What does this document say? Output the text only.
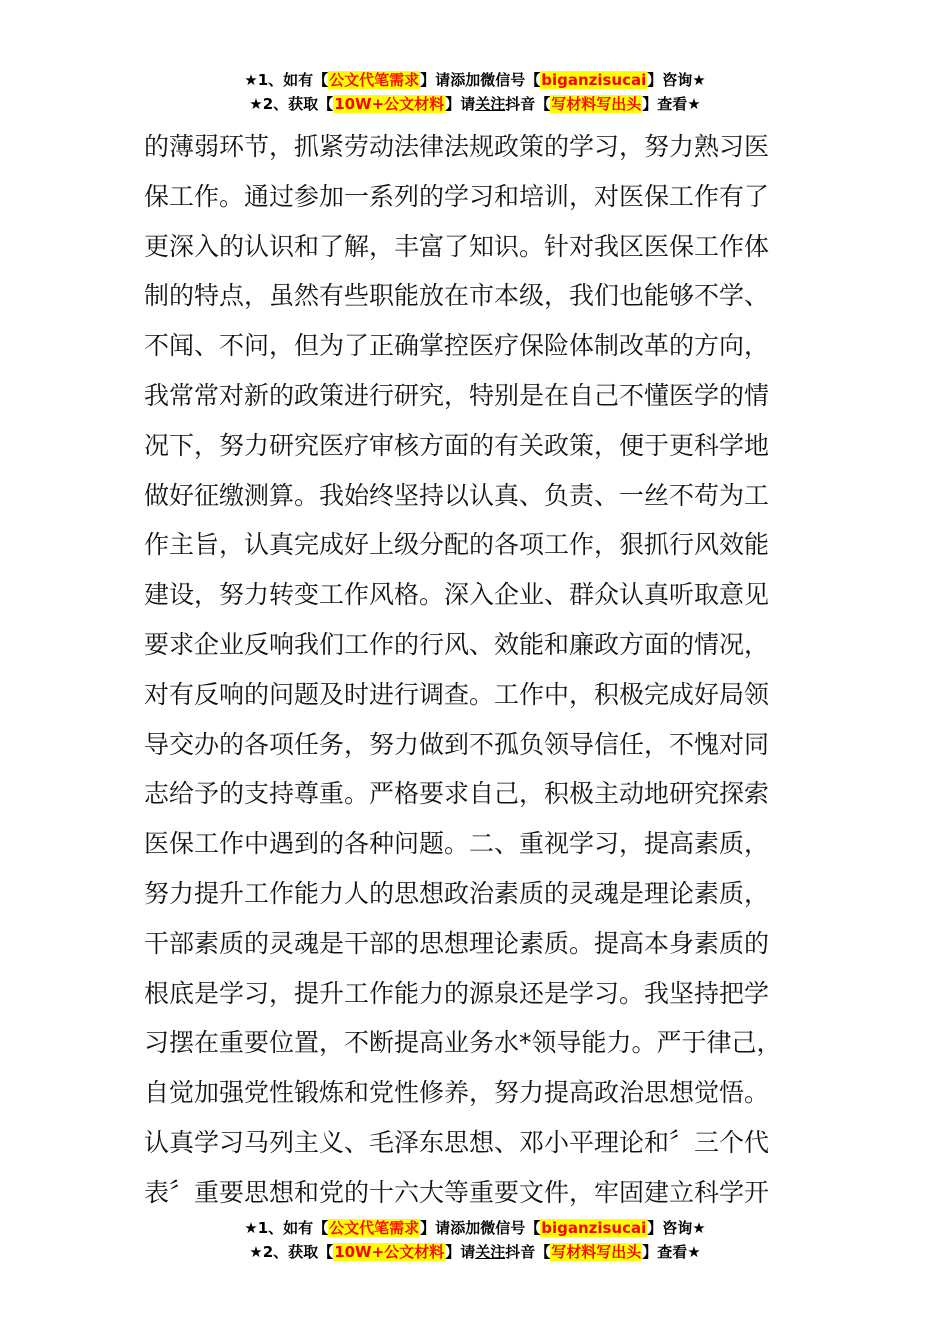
★1、如有【公文代笔需求】请添加微信号【biganzisucai】咨询★
★2、获取【10W+公文材料】请关注抖音【写材料写出头】查看★
的薄弱环节，抓紧劳动法律法规政策的学习，努力熟习医
保工作。通过参加一系列的学习和培训，对医保工作有了
更深入的认识和了解，丰富了知识。针对我区医保工作体
制的特点，虽然有些职能放在市本级，我们也能够不学、
不闻、不问，但为了正确掌控医疗保险体制改革的方向，
我常常对新的政策进行研究，特别是在自己不懂医学的情
况下，努力研究医疗审核方面的有关政策，便于更科学地
做好征缴测算。我始终坚持以认真、负责、一丝不苟为工
作主旨，认真完成好上级分配的各项工作，狠抓行风效能
建设，努力转变工作风格。深入企业、群众认真听取意见
要求企业反响我们工作的行风、效能和廉政方面的情况，
对有反响的问题及时进行调查。工作中，积极完成好局领
导交办的各项任务，努力做到不孤负领导信任，不愧对同
志给予的支持尊重。严格要求自己，积极主动地研究探索
医保工作中遇到的各种问题。二、重视学习，提高素质，
努力提升工作能力人的思想政治素质的灵魂是理论素质，
干部素质的灵魂是干部的思想理论素质。提高本身素质的
根底是学习，提升工作能力的源泉还是学习。我坚持把学
习摆在重要位置，不断提高业务水*领导能力。严于律己，
自觉加强党性锻炼和党性修养，努力提高政治思想觉悟。
认真学习马列主义、毛泽东思想、邓小平理论和〞三个代
表〞重要思想和党的十六大等重要文件，牢固建立科学开
★1、如有【公文代笔需求】请添加微信号【biganzisucai】咨询★
★2、获取【10W+公文材料】请关注抖音【写材料写出头】查看★
